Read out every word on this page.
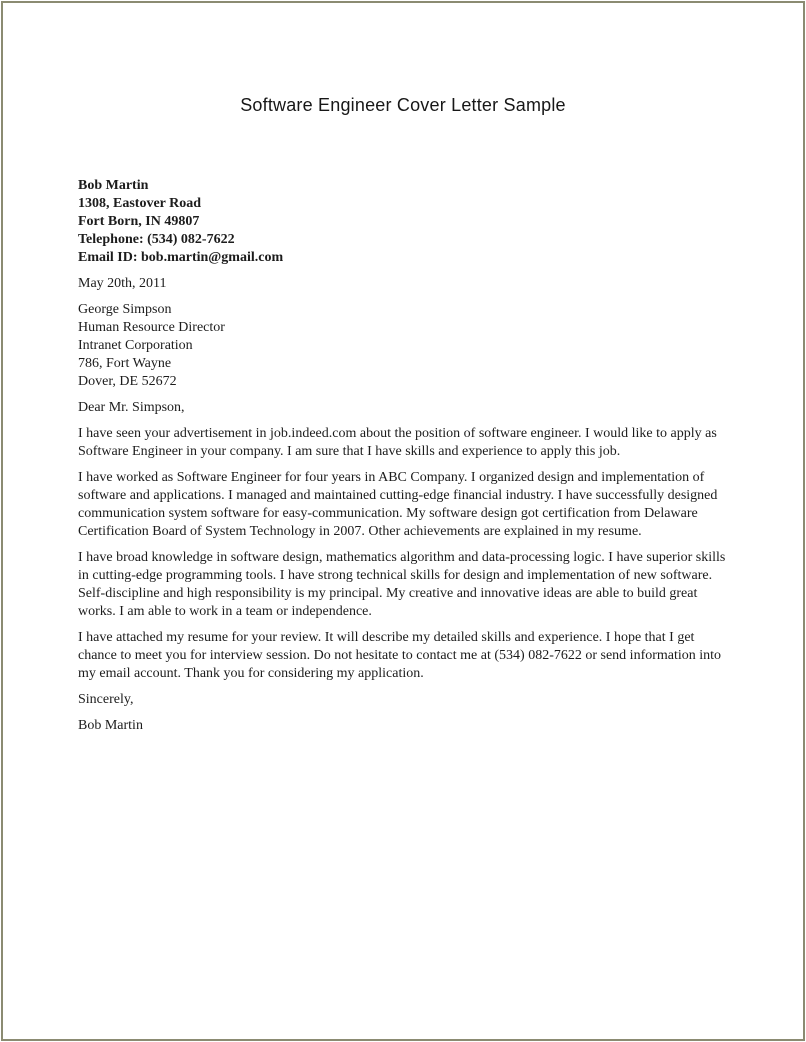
Software Engineer Cover Letter Sample
Bob Martin
1308, Eastover Road
Fort Born, IN 49807
Telephone: (534) 082-7622
Email ID: bob.martin@gmail.com
May 20th, 2011
George Simpson
Human Resource Director
Intranet Corporation
786, Fort Wayne
Dover, DE 52672

Dear Mr. Simpson,

I have seen your advertisement in job.indeed.com about the position of software engineer. I would like to apply as Software Engineer in your company. I am sure that I have skills and experience to apply this job.

I have worked as Software Engineer for four years in ABC Company. I organized design and implementation of software and applications. I managed and maintained cutting-edge financial industry. I have successfully designed communication system software for easy-communication. My software design got certification from Delaware Certification Board of System Technology in 2007. Other achievements are explained in my resume.

I have broad knowledge in software design, mathematics algorithm and data-processing logic. I have superior skills in cutting-edge programming tools. I have strong technical skills for design and implementation of new software. Self-discipline and high responsibility is my principal. My creative and innovative ideas are able to build great works. I am able to work in a team or independence.

I have attached my resume for your review. It will describe my detailed skills and experience. I hope that I get chance to meet you for interview session. Do not hesitate to contact me at (534) 082-7622 or send information into my email account. Thank you for considering my application.

Sincerely,

Bob Martin
